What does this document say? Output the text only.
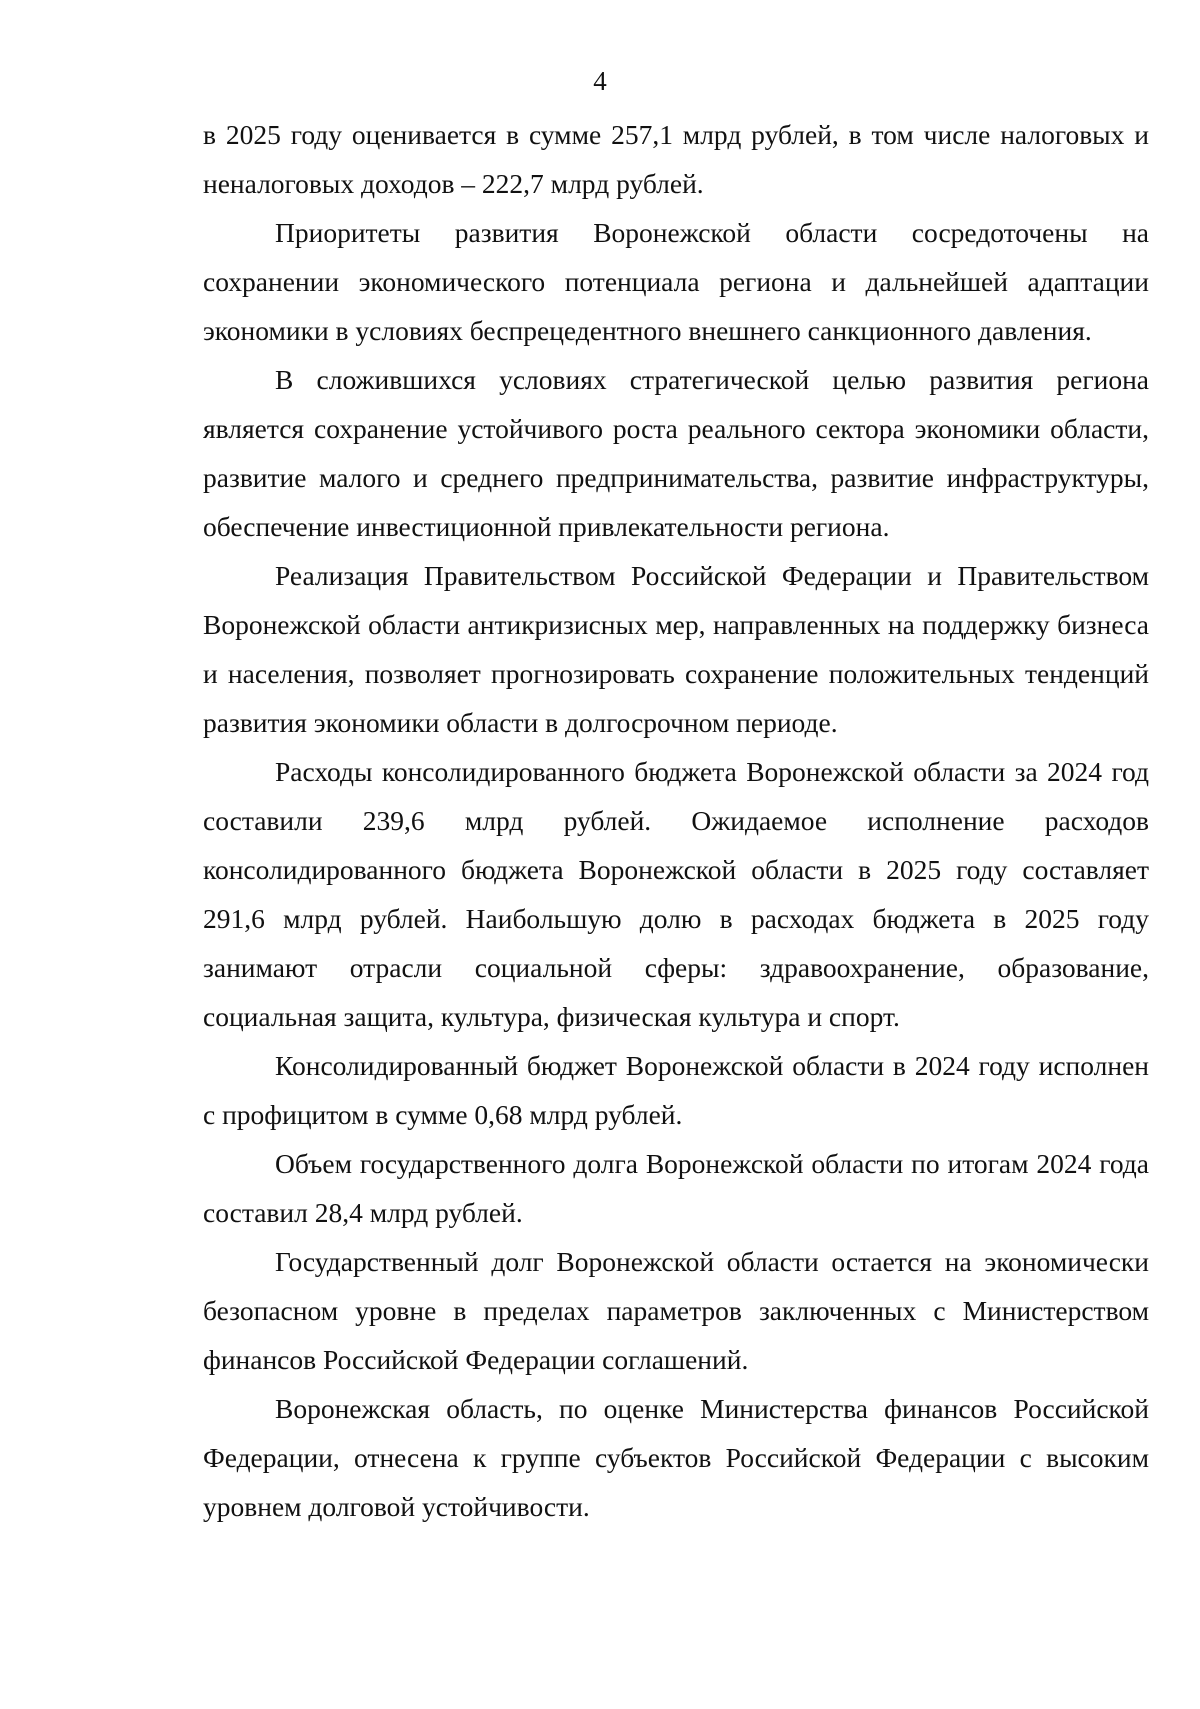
4

в 2025 году оценивается в сумме 257,1 млрд рублей, в том числе налоговых и неналоговых доходов – 222,7 млрд рублей.

Приоритеты развития Воронежской области сосредоточены на сохранении экономического потенциала региона и дальнейшей адаптации экономики в условиях беспрецедентного внешнего санкционного давления.

В сложившихся условиях стратегической целью развития региона является сохранение устойчивого роста реального сектора экономики области, развитие малого и среднего предпринимательства, развитие инфраструктуры, обеспечение инвестиционной привлекательности региона.

Реализация Правительством Российской Федерации и Правительством Воронежской области антикризисных мер, направленных на поддержку бизнеса и населения, позволяет прогнозировать сохранение положительных тенденций развития экономики области в долгосрочном периоде.

Расходы консолидированного бюджета Воронежской области за 2024 год составили 239,6 млрд рублей. Ожидаемое исполнение расходов консолидированного бюджета Воронежской области в 2025 году составляет 291,6 млрд рублей. Наибольшую долю в расходах бюджета в 2025 году занимают отрасли социальной сферы: здравоохранение, образование, социальная защита, культура, физическая культура и спорт.

Консолидированный бюджет Воронежской области в 2024 году исполнен с профицитом в сумме 0,68 млрд рублей.

Объем государственного долга Воронежской области по итогам 2024 года составил 28,4 млрд рублей.

Государственный долг Воронежской области остается на экономически безопасном уровне в пределах параметров заключенных с Министерством финансов Российской Федерации соглашений.

Воронежская область, по оценке Министерства финансов Российской Федерации, отнесена к группе субъектов Российской Федерации с высоким уровнем долговой устойчивости.
